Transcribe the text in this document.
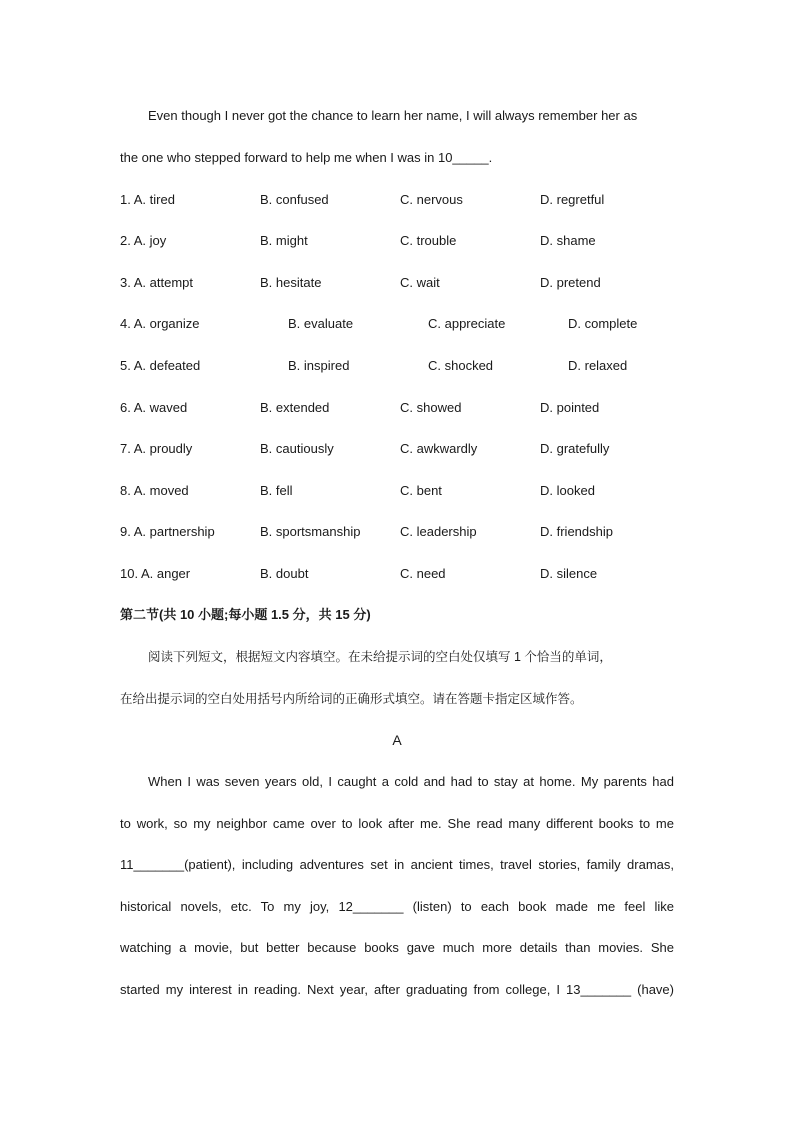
Even though I never got the chance to learn her name, I will always remember her as
the one who stepped forward to help me when I was in 10_____.
1. A. tired	B. confused	C. nervous	D. regretful
2. A. joy	B. might	C. trouble	D. shame
3. A. attempt	B. hesitate	C. wait	D. pretend
4. A. organize	B. evaluate	C. appreciate	D. complete
5. A. defeated	B. inspired	C. shocked	D. relaxed
6. A. waved	B. extended	C. showed	D. pointed
7. A. proudly	B. cautiously	C. awkwardly	D. gratefully
8. A. moved	B. fell	C. bent	D. looked
9. A. partnership	B. sportsmanship	C. leadership	D. friendship
10. A. anger	B. doubt	C. need	D. silence
第二节(共 10 小题;每小题 1.5 分，共 15 分)
阅读下列短文，根据短文内容填空。在未给提示词的空白处仅填写 1 个恰当的单词，
在给出提示词的空白处用括号内所给词的正确形式填空。请在答题卡指定区域作答。
A
When I was seven years old, I caught a cold and had to stay at home. My parents had
to work, so my neighbor came over to look after me. She read many different books to me
11_______(patient), including adventures set in ancient times, travel stories, family dramas,
historical novels, etc. To my joy, 12_______ (listen) to each book made me feel like
watching a movie, but better because books gave much more details than movies. She
started my interest in reading. Next year, after graduating from college, I 13_______ (have)
